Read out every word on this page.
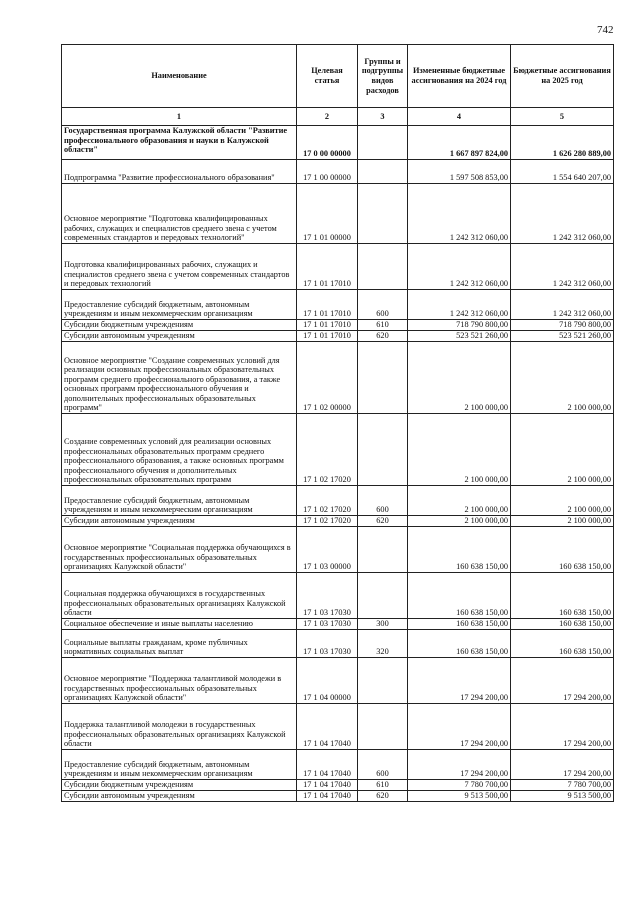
742
Наименование	Целевая статья	Группы и подгруппы видов расходов	Измененные бюджетные ассигнования на 2024 год	Бюджетные ассигнования на 2025 год
1	2	3	4	5
Государственная программа Калужской области "Развитие профессионального образования и науки в Калужской области"	17 0 00 00000		1 667 897 824,00	1 626 280 889,00
Подпрограмма "Развитие профессионального образования"	17 1 00 00000		1 597 508 853,00	1 554 640 207,00
Основное мероприятие "Подготовка квалифицированных рабочих, служащих и специалистов среднего звена с учетом современных стандартов и передовых технологий"	17 1 01 00000		1 242 312 060,00	1 242 312 060,00
Подготовка квалифицированных рабочих, служащих и специалистов среднего звена с учетом современных стандартов и передовых технологий	17 1 01 17010		1 242 312 060,00	1 242 312 060,00
Предоставление субсидий бюджетным, автономным учреждениям и иным некоммерческим организациям	17 1 01 17010	600	1 242 312 060,00	1 242 312 060,00
Субсидии бюджетным учреждениям	17 1 01 17010	610	718 790 800,00	718 790 800,00
Субсидии автономным учреждениям	17 1 01 17010	620	523 521 260,00	523 521 260,00
Основное мероприятие "Создание современных условий для реализации основных профессиональных образовательных программ среднего профессионального образования, а также основных программ профессионального обучения и дополнительных профессиональных образовательных программ"	17 1 02 00000		2 100 000,00	2 100 000,00
Создание современных условий для реализации основных профессиональных образовательных программ среднего профессионального образования, а также основных программ профессионального обучения и дополнительных профессиональных образовательных программ	17 1 02 17020		2 100 000,00	2 100 000,00
Предоставление субсидий бюджетным, автономным учреждениям и иным некоммерческим организациям	17 1 02 17020	600	2 100 000,00	2 100 000,00
Субсидии автономным учреждениям	17 1 02 17020	620	2 100 000,00	2 100 000,00
Основное мероприятие "Социальная поддержка обучающихся в государственных профессиональных образовательных организациях Калужской области"	17 1 03 00000		160 638 150,00	160 638 150,00
Социальная поддержка обучающихся в государственных профессиональных образовательных организациях Калужской области	17 1 03 17030		160 638 150,00	160 638 150,00
Социальное обеспечение и иные выплаты населению	17 1 03 17030	300	160 638 150,00	160 638 150,00
Социальные выплаты гражданам, кроме публичных нормативных социальных выплат	17 1 03 17030	320	160 638 150,00	160 638 150,00
Основное мероприятие "Поддержка талантливой молодежи в государственных профессиональных образовательных организациях Калужской области"	17 1 04 00000		17 294 200,00	17 294 200,00
Поддержка талантливой молодежи в государственных профессиональных образовательных организациях Калужской области	17 1 04 17040		17 294 200,00	17 294 200,00
Предоставление субсидий бюджетным, автономным учреждениям и иным некоммерческим организациям	17 1 04 17040	600	17 294 200,00	17 294 200,00
Субсидии бюджетным учреждениям	17 1 04 17040	610	7 780 700,00	7 780 700,00
Субсидии автономным учреждениям	17 1 04 17040	620	9 513 500,00	9 513 500,00
